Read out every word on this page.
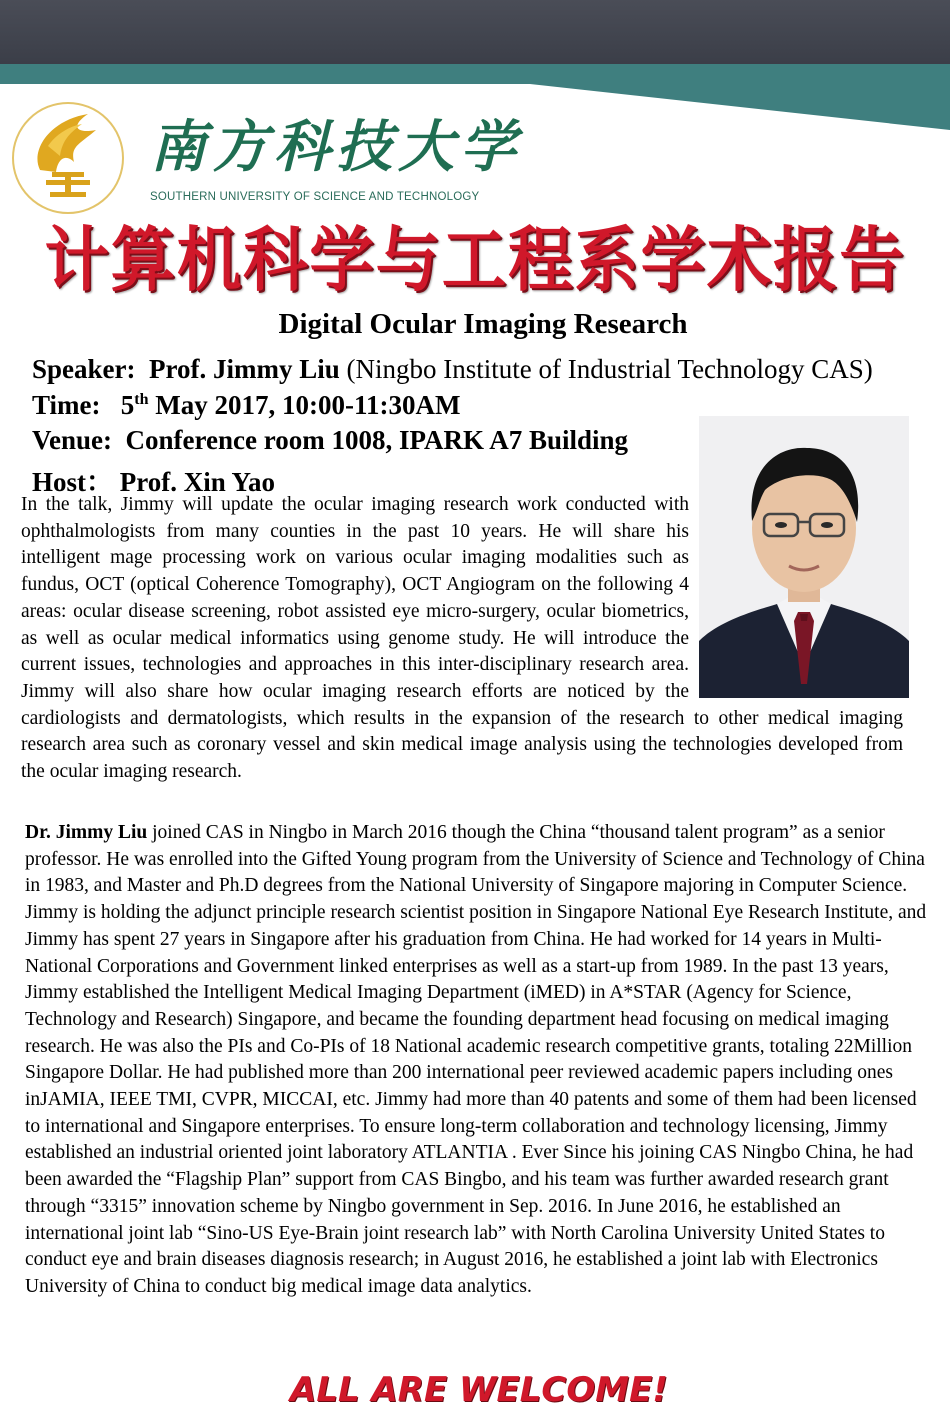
南方科技大学
SOUTHERN UNIVERSITY OF SCIENCE AND TECHNOLOGY
计算机科学与工程系学术报告
Digital Ocular Imaging Research
Speaker: Prof. Jimmy Liu (Ningbo Institute of Industrial Technology CAS)
Time: 5th May 2017, 10:00-11:30AM
Venue: Conference room 1008, IPARK A7 Building
Host： Prof. Xin Yao
In the talk, Jimmy will update the ocular imaging research work conducted with ophthalmologists from many counties in the past 10 years. He will share his intelligent mage processing work on various ocular imaging modalities such as fundus, OCT (optical Coherence Tomography), OCT Angiogram on the following 4 areas: ocular disease screening, robot assisted eye micro-surgery, ocular biometrics, as well as ocular medical informatics using genome study. He will introduce the current issues, technologies and approaches in this inter-disciplinary research area. Jimmy will also share how ocular imaging research efforts are noticed by the cardiologists and dermatologists, which results in the expansion of the research to other medical imaging research area such as coronary vessel and skin medical image analysis using the technologies developed from the ocular imaging research.
Dr. Jimmy Liu joined CAS in Ningbo in March 2016 though the China “thousand talent program” as a senior professor. He was enrolled into the Gifted Young program from the University of Science and Technology of China in 1983, and Master and Ph.D degrees from the National University of Singapore majoring in Computer Science. Jimmy is holding the adjunct principle research scientist position in Singapore National Eye Research Institute, and Jimmy has spent 27 years in Singapore after his graduation from China. He had worked for 14 years in Multi-National Corporations and Government linked enterprises as well as a start-up from 1989. In the past 13 years, Jimmy established the Intelligent Medical Imaging Department (iMED) in A*STAR (Agency for Science, Technology and Research) Singapore, and became the founding department head focusing on medical imaging research. He was also the PIs and Co-PIs of 18 National academic research competitive grants, totaling 22Million Singapore Dollar. He had published more than 200 international peer reviewed academic papers including ones inJAMIA, IEEE TMI, CVPR, MICCAI, etc. Jimmy had more than 40 patents and some of them had been licensed to international and Singapore enterprises. To ensure long-term collaboration and technology licensing, Jimmy established an industrial oriented joint laboratory ATLANTIA . Ever Since his joining CAS Ningbo China, he had been awarded the “Flagship Plan” support from CAS Bingbo, and his team was further awarded research grant through “3315” innovation scheme by Ningbo government in Sep. 2016. In June 2016, he established an international joint lab “Sino-US Eye-Brain joint research lab” with North Carolina University United States to conduct eye and brain diseases diagnosis research; in August 2016, he established a joint lab with Electronics University of China to conduct big medical image data analytics.
ALL ARE WELCOME!
